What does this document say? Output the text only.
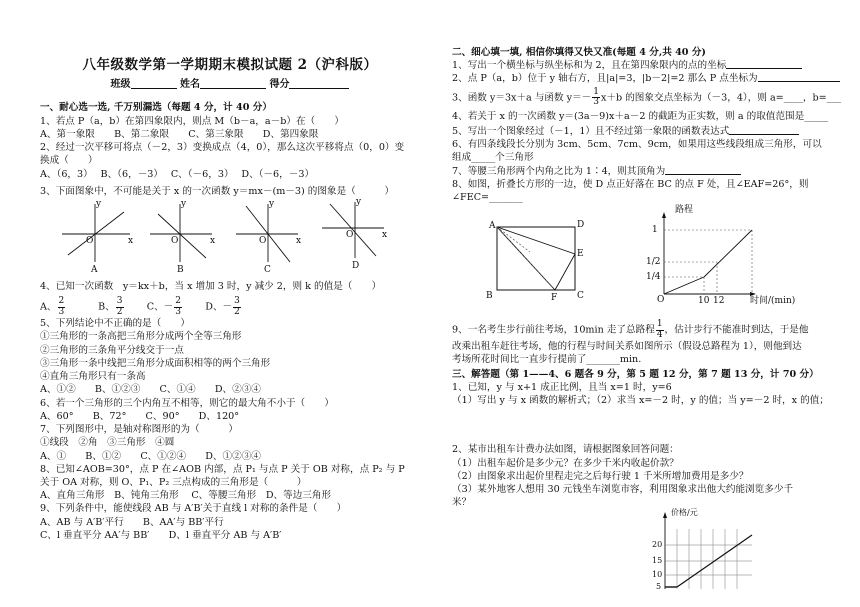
八年级数学第一学期期末模拟试题 2（沪科版）
班级	姓名	得分
一、耐心选一选, 千万别漏选（每题 4 分，计 40 分）
1、若点 P（a，b）在第四象限内，则点 M（b－a，a－b）在（　　）
A、第一象限　　B、第二象限　　C、第三象限　　D、第四象限
2、经过一次平移可将点（－2，3）变换成点（4，0），那么这次平移将点（0，0）变
换成（　　）
A、（6，3）　 B、（6，－3）　 C、（－6，3）　 D、（－6，－3）
3、下面图象中，不可能是关于 x 的一次函数 y＝mx－(m－3) 的图象是（　　　）
y
x
O
y
x
O
y
x
O
y
x
O
A	B	C	D
4、已知一次函数　y＝kx＋b，当 x 增加 3 时，y 减少 2，则 k 的值是（　　）
A、 $\frac{2}{3}$
　　　	B、 $\frac{3}{2}$
　　 C、－ $\frac{2}{3}$
　　 D、－ $\frac{3}{2}$
5、下列结论中不正确的是（　　）
①三角形的一条高把三角形分成两个全等三角形
②三角形的三条角平分线交于一点
③三角形一条中线把三角形分成面积相等的两个三角形
④直角三角形只有一条高
A、①②　　B、①②③　　C、①④　　D、②③④
6、若一个三角形的三个内角互不相等，则它的最大角不小于（　　）
A、60°　　B、72°　　C、90°　　D、120°
7、下列图形中，是轴对称图形的为（　　　）
①线段　②角　③三角形　④圆
A、①　　B、①②　　C、①②④　　D、①②③④
8、已知∠AOB=30°，点 P 在∠AOB 内部，点 P₁ 与点 P 关于 OB 对称，点 P₂ 与 P
关于 OA 对称，则 O、P₁、P₂ 三点构成的三角形是（　　　）
A、直角三角形　B、钝角三角形　 C、等腰三角形　D、等边三角形
9、下列条件中，能使线段 AB 与 A′B′关于直线 l 对称的条件是（　　）
A、AB 与 A′B′平行　　B、AA′与 BB′平行
C、l 垂直平分 AA′与 BB′　　D、l 垂直平分 AB 与 A′B′
二、细心填一填, 相信你填得又快又准(每题 4 分,共 40 分)
1、写出一个横坐标与纵坐标和为 2，且在第四象限内的点的坐标
2、点 P（a，b）位于 y 轴右方，且|a|=3，|b－2|=2 那么 P 点坐标为
3、函数 y＝3x＋a 与函数 $y=- \frac{1}{3} x+b$ 的图象交点坐标为（－3，4），则 a=____，b=___
4、若关于 x 的一次函数 y＝(3a－9)x＋a－2 的截距为正实数，则 a 的取值范围是_____
5、写出一个图象经过（－1，1）且不经过第一象限的函数表达式
6、有四条线段长分别为 3cm、5cm、7cm、9cm，如果用这些线段组成三角形，可以
组成_____个三角形
7、等腰三角形两个内角之比为 1∶4，则其顶角为
8、如图，折叠长方形的一边，使 D 点正好落在 BC 的点 F 处，且∠EAF=26°，则
∠FEC=_______
A	D
E
B	F C
路程
1
1/2
1/4
O	10 12	时间/(min)
9、一名考生步行前往考场，10min 走了总路程 $\frac{1}{4}$ ，估计步行不能准时到达，于是他
改乘出租车赶往考场，他的行程与时间关系如图所示（假设总路程为 1），则他到达
考场所花时间比一直步行提前了_______min.
三、解答题（第 1——4、6 题各 9 分，第 5 题 12 分，第 7 题 13 分，计 70 分）
1、已知，y 与 x+1 成正比例，且当 x=1 时，y=6
（1）写出 y 与 x 函数的解析式；（2）求当 x=－2 时，y 的值；当 y=－2 时，x 的值；
2、某市出租车计费办法如图，请根据图象回答问题：
（1）出租车起价是多少元？在多少千米内收起价款？
（2）由图象求出起价里程走完之后每行驶 1 千米所增加费用是多少？
（3）某外地客人想用 30 元钱坐车浏览市容，利用图象求出他大约能浏览多少千
米？
价格/元
20
15
10
5
